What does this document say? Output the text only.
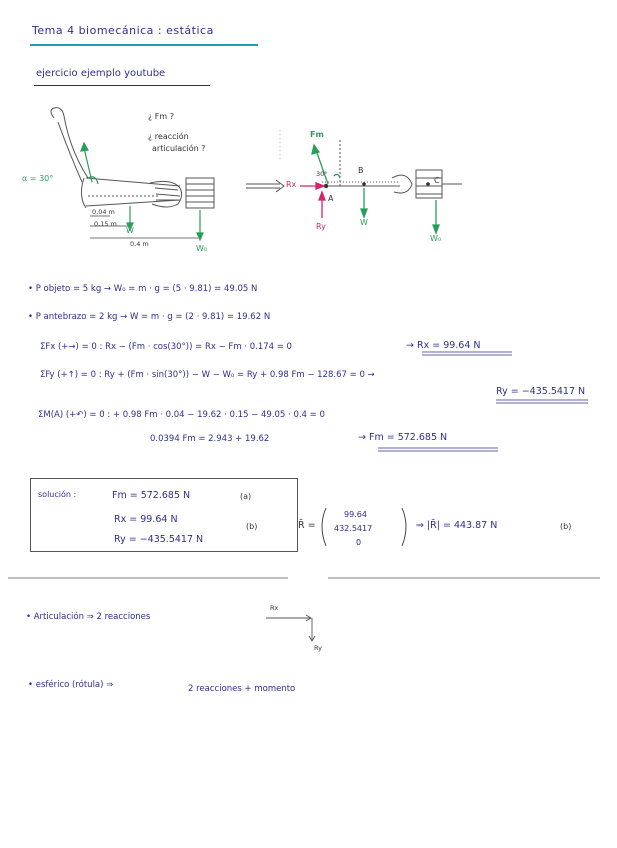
Tema 4 biomecánica : estática
ejercicio ejemplo youtube
¿ Fm ?
¿ reacción
articulación ?
α = 30°
0,04 m
0,15 m
0,4 m
W
W₀
Fm
30°
Rx
Ry
A
B
C
W
W₀
• P objeto = 5 kg → W₀ = m · g = (5 · 9.81) = 49.05 N
• P antebrazo = 2 kg → W = m · g = (2 · 9.81) = 19.62 N
ΣFx (+→) = 0 : Rx − (Fm · cos(30°)) = Rx − Fm · 0.174 = 0	→ Rx = 99.64 N
ΣFy (+↑) = 0 : Ry + (Fm · sin(30°)) − W − W₀ = Ry + 0.98 Fm − 128.67 = 0 →
Ry = −435.5417 N
ΣM(A) (+↶) = 0 : + 0.98 Fm · 0.04 − 19.62 · 0.15 − 49.05 · 0.4 = 0
0.0394 Fm = 2.943 + 19.62	→ Fm = 572.685 N
solución :	Fm = 572.685 N	(a)
Rx = 99.64 N
Ry = −435.5417 N
(b)	R̄ =
99.64
432.5417
0
⇒ |R̄| = 443.87 N	(b)
• Articulación ⇒ 2 reacciones
Rx
Ry
• esférico (rótula) ⇒	2 reacciones + momento
